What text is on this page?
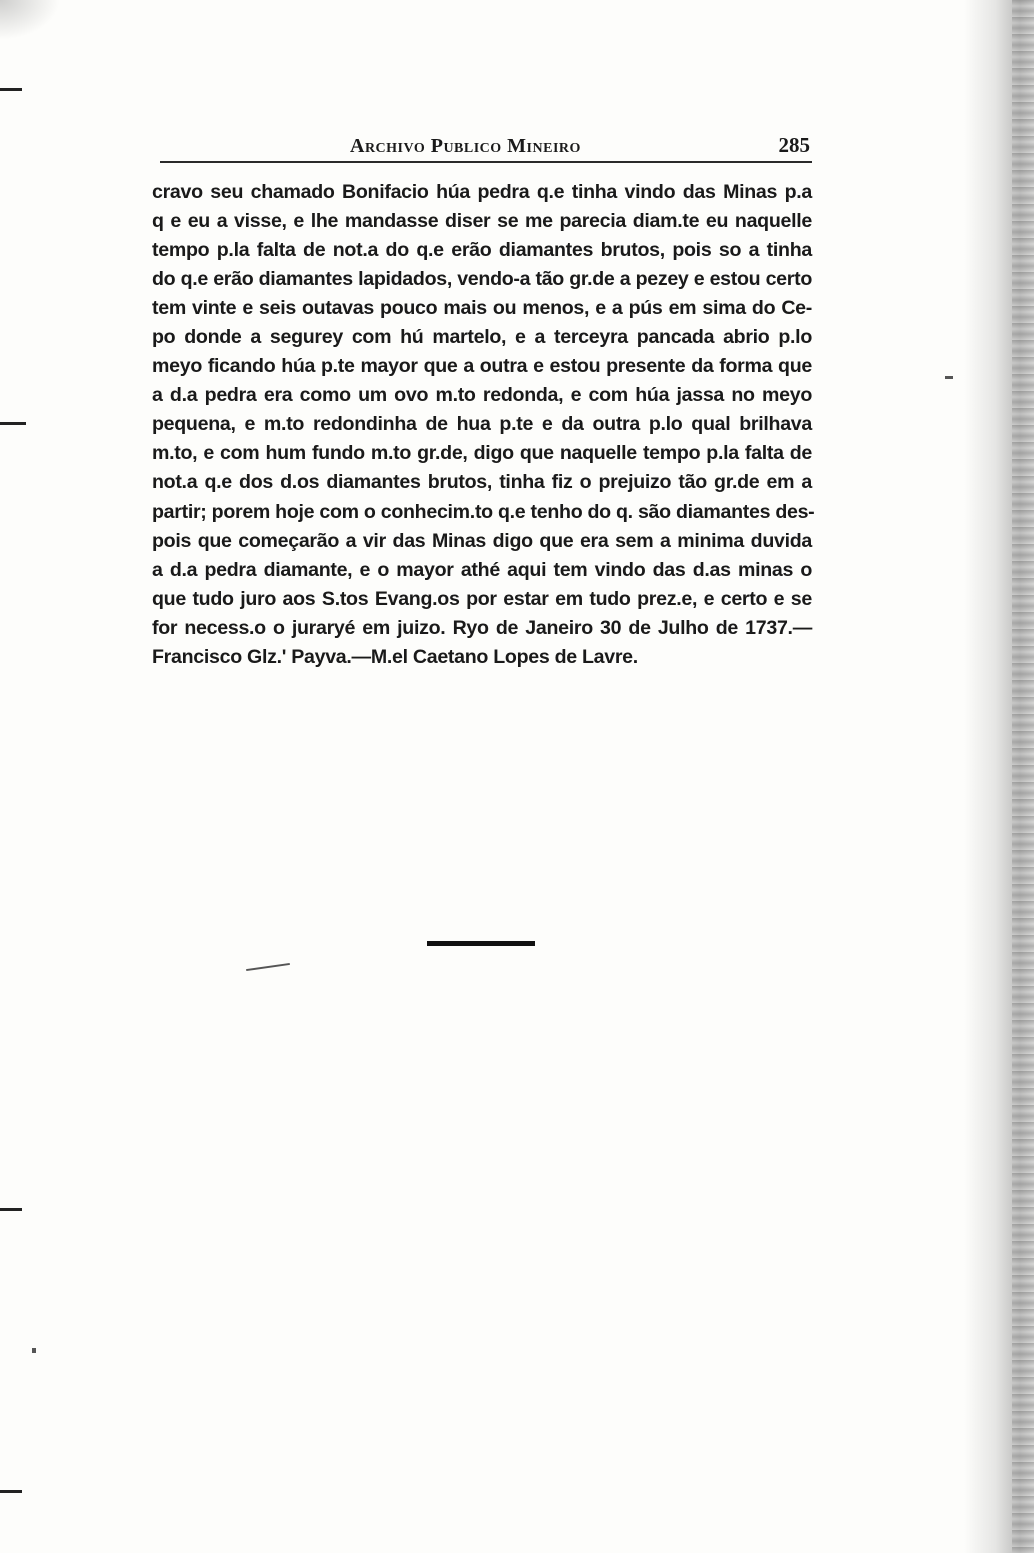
Archivo Publico Mineiro	285
cravo seu chamado Bonifacio húa pedra q.e tinha vindo das Minas p.a
q e eu a visse, e lhe mandasse diser se me parecia diam.te eu naquelle
tempo p.la falta de not.a do q.e erão diamantes brutos, pois so a tinha
do q.e erão diamantes lapidados, vendo-a tão gr.de a pezey e estou certo
tem vinte e seis outavas pouco mais ou menos, e a pús em sima do Ce-
po donde a segurey com hú martelo, e a terceyra pancada abrio p.lo
meyo ficando húa p.te mayor que a outra e estou presente da forma que
a d.a pedra era como um ovo m.to redonda, e com húa jassa no meyo
pequena, e m.to redondinha de hua p.te e da outra p.lo qual brilhava
m.to, e com hum fundo m.to gr.de, digo que naquelle tempo p.la falta de
not.a q.e dos d.os diamantes brutos, tinha fiz o prejuizo tão gr.de em a
partir; porem hoje com o conhecim.to q.e tenho do q. são diamantes des-
pois que começarão a vir das Minas digo que era sem a minima duvida
a d.a pedra diamante, e o mayor athé aqui tem vindo das d.as minas o
que tudo juro aos S.tos Evang.os por estar em tudo prez.e, e certo e se
for necess.o o juraryé em juizo. Ryo de Janeiro 30 de Julho de 1737.—
Francisco Glz.' Payva.—M.el Caetano Lopes de Lavre.
